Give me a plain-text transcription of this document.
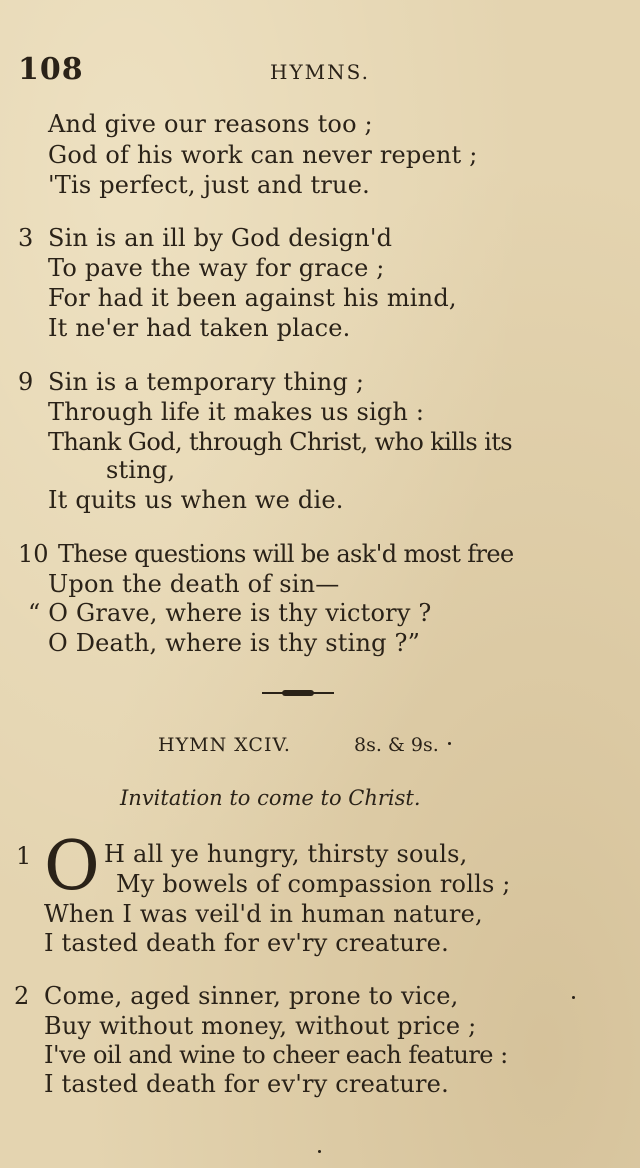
108	HYMNS.
And give our reasons too ;
God of his work can never repent ;
'Tis perfect, just and true.
3 Sin is an ill by God design'd
To pave the way for grace ;
For had it been against his mind,
It ne'er had taken place.
9 Sin is a temporary thing ;
Through life it makes us sigh :
Thank God, through Christ, who kills its
sting,
It quits us when we die.
10 These questions will be ask'd most free
Upon the death of sin—
“ O Grave, where is thy victory ?
O Death, where is thy sting ?”
HYMN XCIV.	8s. & 9s.
Invitation to come to Christ.
1 O H all ye hungry, thirsty souls,
My bowels of compassion rolls ;
When I was veil'd in human nature,
I tasted death for ev'ry creature.
2 Come, aged sinner, prone to vice,
Buy without money, without price ;
I've oil and wine to cheer each feature :
I tasted death for ev'ry creature.
